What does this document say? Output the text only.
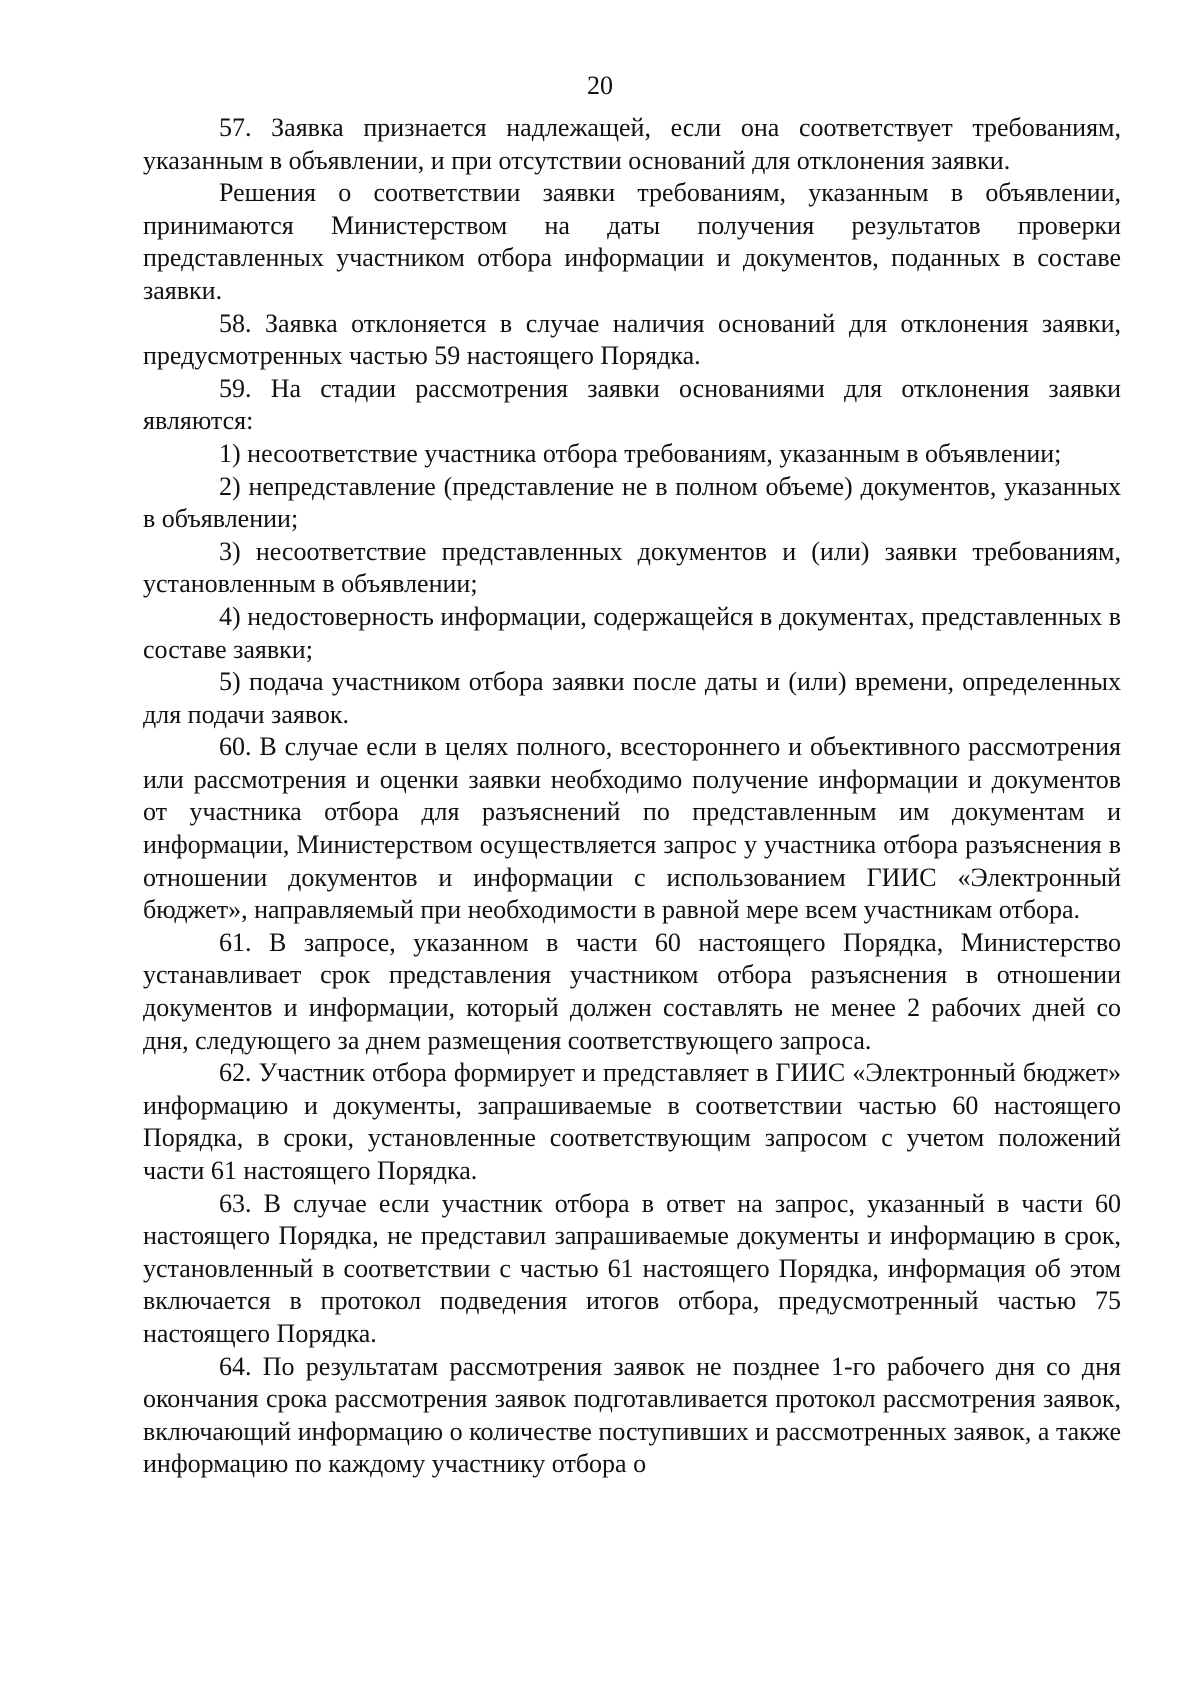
20

57. Заявка признается надлежащей, если она соответствует требованиям, указанным в объявлении, и при отсутствии оснований для отклонения заявки.

Решения о соответствии заявки требованиям, указанным в объявлении, принимаются Министерством на даты получения результатов проверки представленных участником отбора информации и документов, поданных в составе заявки.

58. Заявка отклоняется в случае наличия оснований для отклонения заявки, предусмотренных частью 59 настоящего Порядка.

59. На стадии рассмотрения заявки основаниями для отклонения заявки являются:

1) несоответствие участника отбора требованиям, указанным в объявлении;

2) непредставление (представление не в полном объеме) документов, указанных в объявлении;

3) несоответствие представленных документов и (или) заявки требованиям, установленным в объявлении;

4) недостоверность информации, содержащейся в документах, представленных в составе заявки;

5) подача участником отбора заявки после даты и (или) времени, определенных для подачи заявок.

60. В случае если в целях полного, всестороннего и объективного рассмотрения или рассмотрения и оценки заявки необходимо получение информации и документов от участника отбора для разъяснений по представленным им документам и информации, Министерством осуществляется запрос у участника отбора разъяснения в отношении документов и информации с использованием ГИИС «Электронный бюджет», направляемый при необходимости в равной мере всем участникам отбора.

61. В запросе, указанном в части 60 настоящего Порядка, Министерство устанавливает срок представления участником отбора разъяснения в отношении документов и информации, который должен составлять не менее 2 рабочих дней со дня, следующего за днем размещения соответствующего запроса.

62. Участник отбора формирует и представляет в ГИИС «Электронный бюджет» информацию и документы, запрашиваемые в соответствии частью 60 настоящего Порядка, в сроки, установленные соответствующим запросом с учетом положений части 61 настоящего Порядка.

63. В случае если участник отбора в ответ на запрос, указанный в части 60 настоящего Порядка, не представил запрашиваемые документы и информацию в срок, установленный в соответствии с частью 61 настоящего Порядка, информация об этом включается в протокол подведения итогов отбора, предусмотренный частью 75 настоящего Порядка.

64. По результатам рассмотрения заявок не позднее 1-го рабочего дня со дня окончания срока рассмотрения заявок подготавливается протокол рассмотрения заявок, включающий информацию о количестве поступивших и рассмотренных заявок, а также информацию по каждому участнику отбора о
